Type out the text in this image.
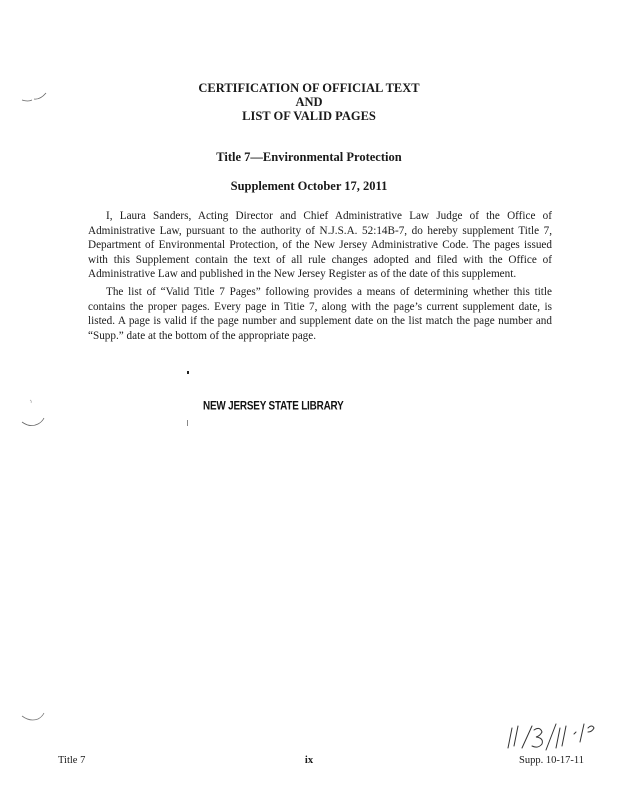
CERTIFICATION OF OFFICIAL TEXT
AND
LIST OF VALID PAGES
Title 7—Environmental Protection
Supplement October 17, 2011
I, Laura Sanders, Acting Director and Chief Administrative Law Judge of the Office of Administrative Law, pursuant to the authority of N.J.S.A. 52:14B-7, do hereby supplement Title 7, Department of Environmental Protection, of the New Jersey Administrative Code. The pages issued with this Supplement contain the text of all rule changes adopted and filed with the Office of Administrative Law and published in the New Jersey Register as of the date of this supplement.
The list of “Valid Title 7 Pages” following provides a means of determining whether this title contains the proper pages. Every page in Titie 7, along with the page’s current supplement date, is listed. A page is valid if the page number and supplement date on the list match the page number and “Supp.” date at the bottom of the appropriate page.
NEW JERSEY STATE LIBRARY
Title 7	ix	Supp. 10-17-11
